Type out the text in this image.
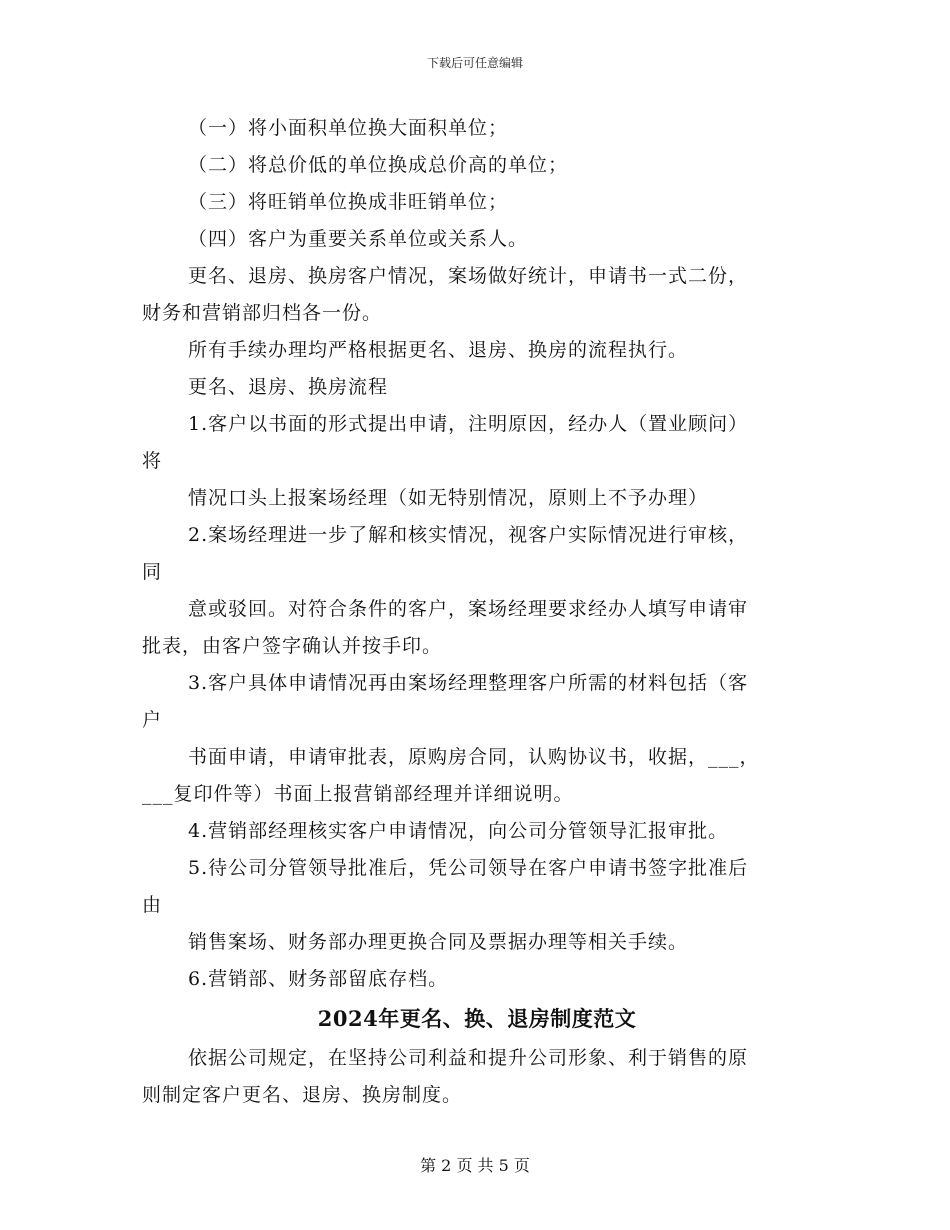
下载后可任意编辑

（一）将小面积单位换大面积单位；

（二）将总价低的单位换成总价高的单位；

（三）将旺销单位换成非旺销单位；

（四）客户为重要关系单位或关系人。

更名、退房、换房客户情况，案场做好统计，申请书一式二份，

财务和营销部归档各一份。

所有手续办理均严格根据更名、退房、换房的流程执行。

更名、退房、换房流程

1.客户以书面的形式提出申请，注明原因，经办人（置业顾问）

将

情况口头上报案场经理（如无特别情况，原则上不予办理）

2.案场经理进一步了解和核实情况，视客户实际情况进行审核，

同

意或驳回。对符合条件的客户，案场经理要求经办人填写申请审

批表，由客户签字确认并按手印。

3.客户具体申请情况再由案场经理整理客户所需的材料包括（客

户

书面申请，申请审批表，原购房合同，认购协议书，收据，___，

___复印件等）书面上报营销部经理并详细说明。

4.营销部经理核实客户申请情况，向公司分管领导汇报审批。

5.待公司分管领导批准后，凭公司领导在客户申请书签字批准后

由

销售案场、财务部办理更换合同及票据办理等相关手续。

6.营销部、财务部留底存档。

2024年更名、换、退房制度范文

依据公司规定，在坚持公司利益和提升公司形象、利于销售的原

则制定客户更名、退房、换房制度。

第 2 页 共 5 页
